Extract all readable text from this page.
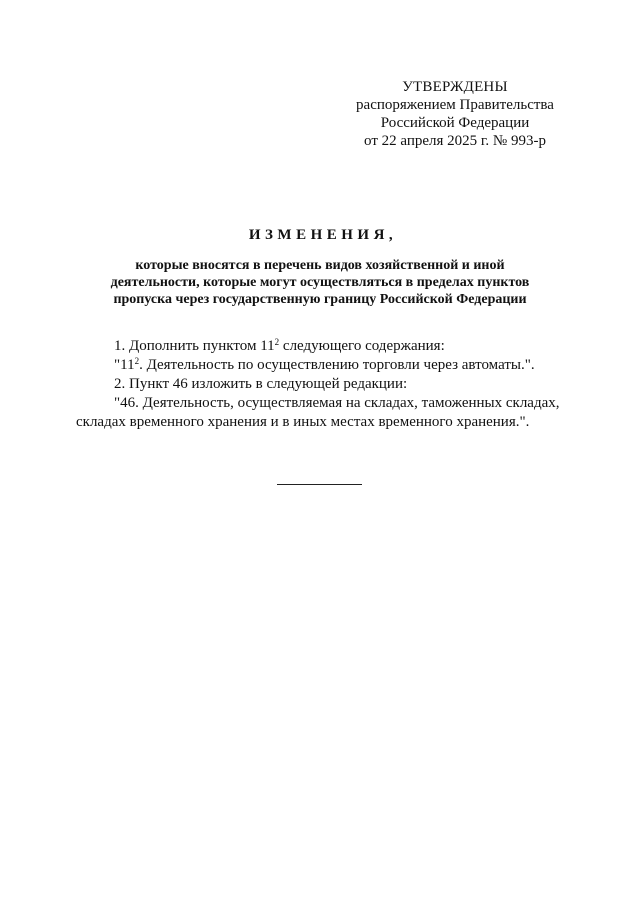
УТВЕРЖДЕНЫ
распоряжением Правительства
Российской Федерации
от 22 апреля 2025 г. № 993-р
ИЗМЕНЕНИЯ,
которые вносятся в перечень видов хозяйственной и иной
деятельности, которые могут осуществляться в пределах пунктов
пропуска через государственную границу Российской Федерации

1. Дополнить пунктом $11^2$ следующего содержания:

"$11^2$. Деятельность по осуществлению торговли через автоматы.".

2. Пункт 46 изложить в следующей редакции:

"46. Деятельность, осуществляемая на складах, таможенных складах, складах временного хранения и в иных местах временного хранения.".
